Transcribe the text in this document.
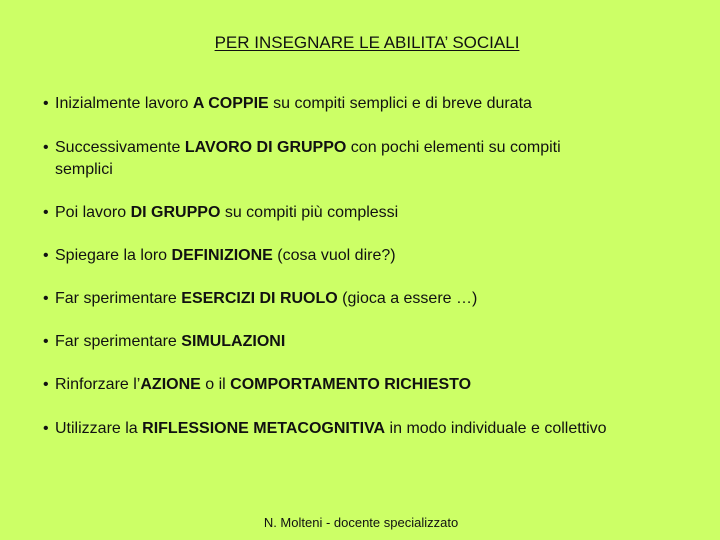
PER INSEGNARE LE ABILITA’ SOCIALI
• Inizialmente lavoro A COPPIE su compiti semplici e di breve durata
• Successivamente LAVORO DI GRUPPO con pochi elementi su compiti
semplici
• Poi lavoro DI GRUPPO su compiti più complessi
• Spiegare la loro DEFINIZIONE (cosa vuol dire?)
• Far sperimentare ESERCIZI DI RUOLO (gioca a essere …)
• Far sperimentare SIMULAZIONI
• Rinforzare l’AZIONE o il COMPORTAMENTO RICHIESTO
• Utilizzare la RIFLESSIONE METACOGNITIVA in modo individuale e collettivo
N. Molteni - docente specializzato
